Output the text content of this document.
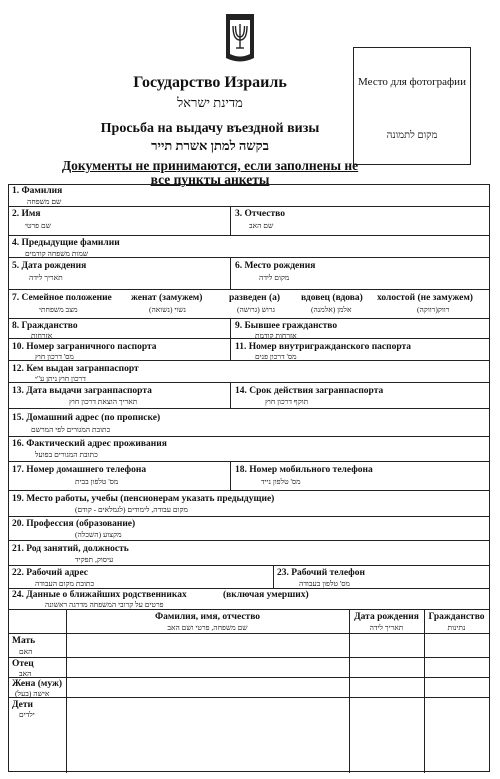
Место для фотографии
מקום לתמונה
Государство Израиль
מדינת ישראל
Просьба на выдачу въездной визы
בקשה למתן אשרת תייר
Документы не принимаются, если заполнены не
все пункты анкеты
1. Фамилия
שם משפחה
2. Имя
שם פרטי
3. Отчество
שם האב
4. Предыдущие фамилии
שמות משפחה קודמים
5. Дата рождения
תאריך לידה
6. Место рождения
מקום לידה
7. Семейное положение
מצב משפחתי
женат (замужем)
נשוי (נשואה)
разведен (а)
גרוש (גרושה)
вдовец (вдова)
אלמן (אלמנה)
холостой (не замужем)
רווק(רווקה)
8. Гражданство
אזרחות
9. Бывшее гражданство
אזרחות קודמת
10. Номер заграничного паспорта
מס' דרכון חוץ
11. Номер внутригражданского паспорта
מס' דרכון פנים
12. Кем выдан загранпаспорт
דרכון חוץ ניתן ע"י
13. Дата выдачи загранпаспорта
תאריך הוצאת דרכון חוץ
14. Срок действия загранпаспорта
תוקף דרכון חוץ
15. Домашний адрес (по прописке)
כתובת המגורים לפי המרשם
16. Фактический адрес проживания
כתובת המגורים בפועל
17. Номер домашнего телефона
מס' טלפון בבית
18. Номер мобильного телефона
מס' טלפון נייד
19. Место работы, учебы (пенсионерам указать предыдущие)
מקום עבודה, לימודים (לגמלאים - קודם)
20. Профессия (образование)
מקצוע (השכלה)
21. Род занятий, должность
עיסוק, תפקיד
22. Рабочий адрес
כתובת מקום העבודה
23. Рабочий телефон
מס' טלפון בעבודה
24. Данные о ближайших родственниках	(включая умерших)
פרטים על קרובי המשפחה מדרגה ראשונה
Фамилия, имя, отчество
שם משפחה, פרטי ושם האב
Дата рождения
תאריך לידה
Гражданство
נתינות
Мать
האם
Отец
האב
Жена (муж)
אישה (בעל)
Дети
ילדים
